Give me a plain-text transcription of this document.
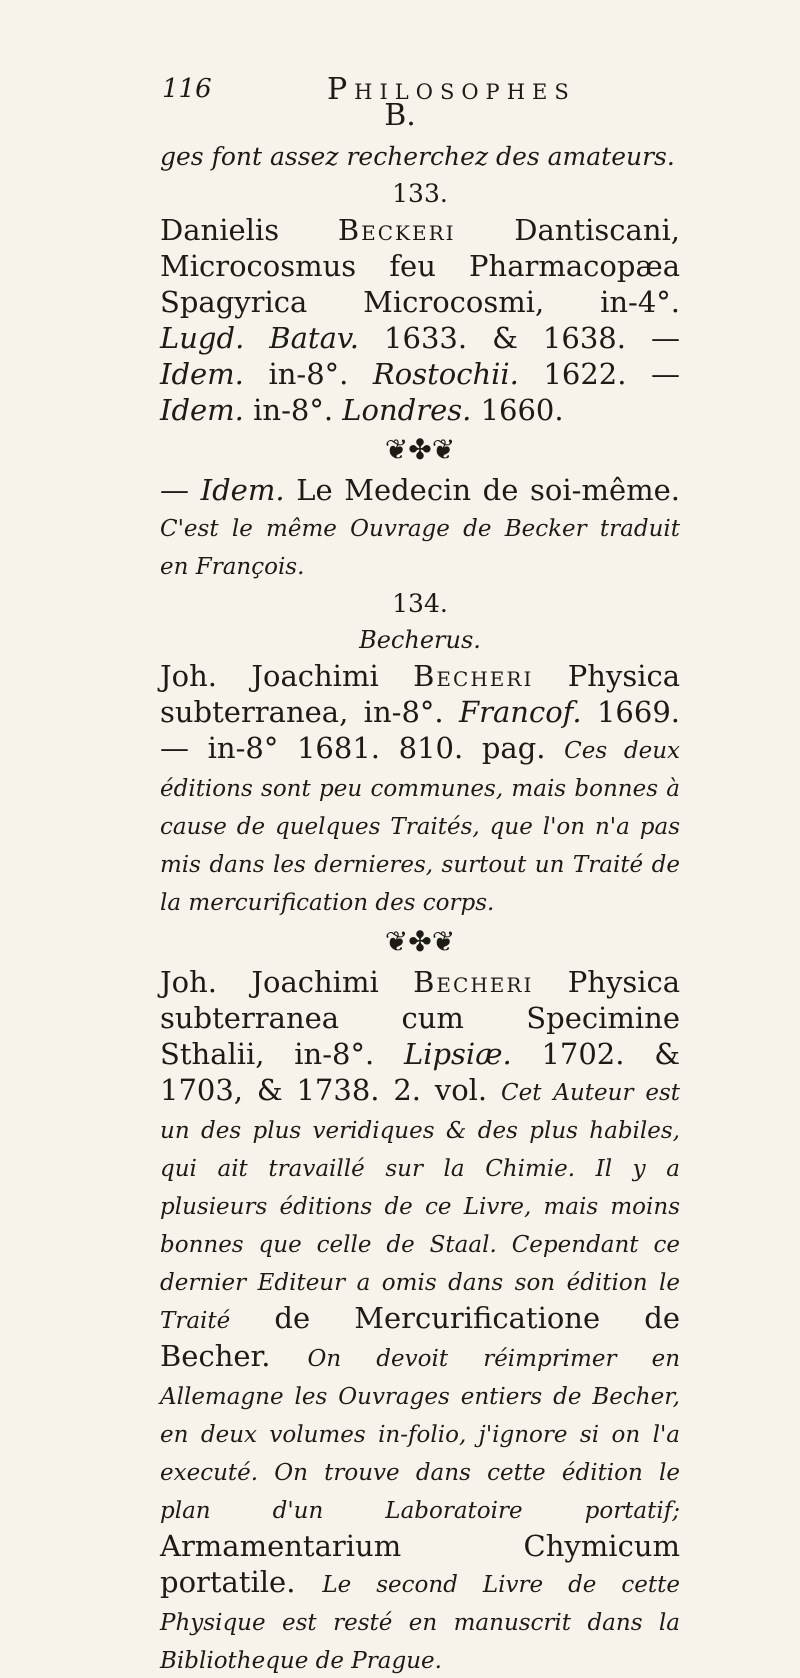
116	Philosophes
B.

ges font assez recherchez des amateurs.

133.

Danielis Beckeri Dantiscani, Microcosmus feu Pharmacopæa Spagyrica Microcosmi, in-4°. Lugd. Batav. 1633. & 1638. — Idem. in-8°. Rostochii. 1622. — Idem. in-8°. Londres. 1660.

❦✤❦

— Idem. Le Medecin de soi-même. C'est le même Ouvrage de Becker traduit en François.

134.
Becherus.

Joh. Joachimi Becheri Physica subterranea, in-8°. Francof. 1669. — in-8° 1681. 810. pag. Ces deux éditions sont peu communes, mais bonnes à cause de quelques Traités, que l'on n'a pas mis dans les dernieres, surtout un Traité de la mercurification des corps.

❦✤❦

Joh. Joachimi Becheri Physica subterranea cum Specimine Sthalii, in-8°. Lipsiæ. 1702. & 1703, & 1738. 2. vol. Cet Auteur est un des plus veridiques & des plus habiles, qui ait travaillé sur la Chimie. Il y a plusieurs éditions de ce Livre, mais moins bonnes que celle de Staal. Cependant ce dernier Editeur a omis dans son édition le Traité de Mercurificatione de Becher. On devoit réimprimer en Allemagne les Ouvrages entiers de Becher, en deux volumes in-folio, j'ignore si on l'a executé. On trouve dans cette édition le plan d'un Laboratoire portatif; Armamentarium Chymicum portatile. Le second Livre de cette Physique est resté en manuscrit dans la Bibliotheque de Prague.
